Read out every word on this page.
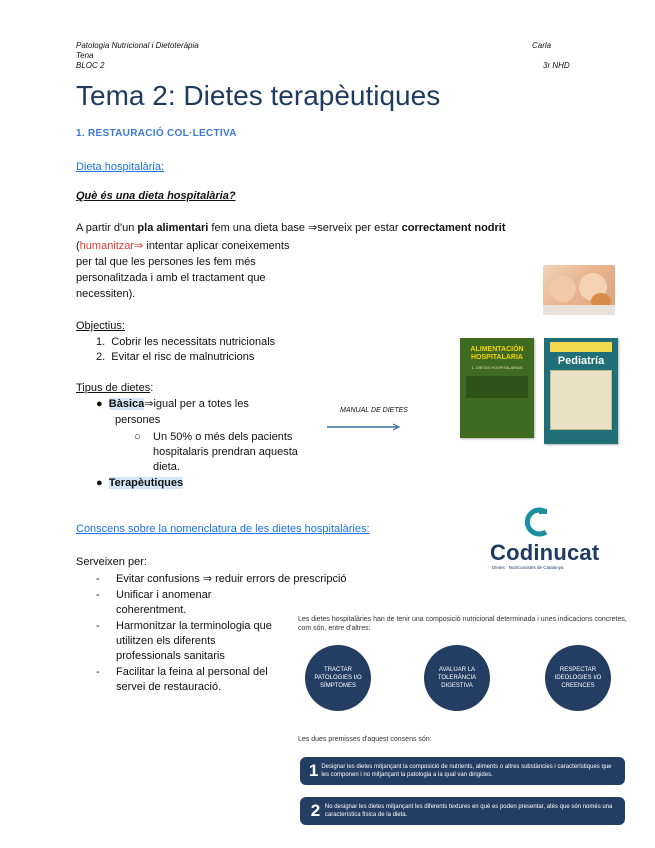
Patologia Nutricional i Dietoteràpia
Tena
BLOC 2
Carla
3r NHD
Tema 2: Dietes terapèutiques
1. RESTAURACIÓ COL·LECTIVA
Dieta hospitalària:
Què és una dieta hospitalària?
A partir d'un pla alimentari fem una dieta base ⇒serveix per estar correctament nodrit
(humanitzar⇒ intentar aplicar coneixements
per tal que les persones les fem més
personalitzada i amb el tractament que
necessiten).
Objectius:
1.  Cobrir les necessitats nutricionals
2.  Evitar el risc de malnutricions
Tipus de dietes:
●  Bàsica⇒igual per a totes les
persones
○ Un 50% o més dels pacients
hospitalaris prendran aquesta
dieta.
●  Terapèutiques
MANUAL DE DIETES
ALIMENTACIÓN HOSPITALARIA
1. DIETAS HOSPITALARIAS
Pediatría
Conscens sobre la nomenclatura de les dietes hospitalàries:
Codinucat
Dietes · Nutricionistes de Catalunya
Serveixen per:
- Evitar confusions ⇒ reduir errors de prescripció
- Unificar i anomenar
coherentment.
- Harmonitzar la terminologia que
utilitzen els diferents
professionals sanitaris
- Facilitar la feina al personal del
servei de restauració.
Les dietes hospitalàries han de tenir una composició nutricional determinada i unes indicacions concretes, com són, entre d'altres:
TRACTAR PATOLOGIES I/O SÍMPTOMES
AVALUAR LA TOLERÀNCIA DIGESTIVA
RESPECTAR IDEOLOGIES I/O CREENCES
Les dues premisses d'aquest consens són:
1 Designar les dietes mitjançant la composició de nutrients, aliments o altres substàncies i característiques que les componen i no mitjançant la patologia a la qual van dirigides.
2 No designar les dietes mitjançant les diferents textures en què es poden presentar, atès que són només una característica física de la dieta.
